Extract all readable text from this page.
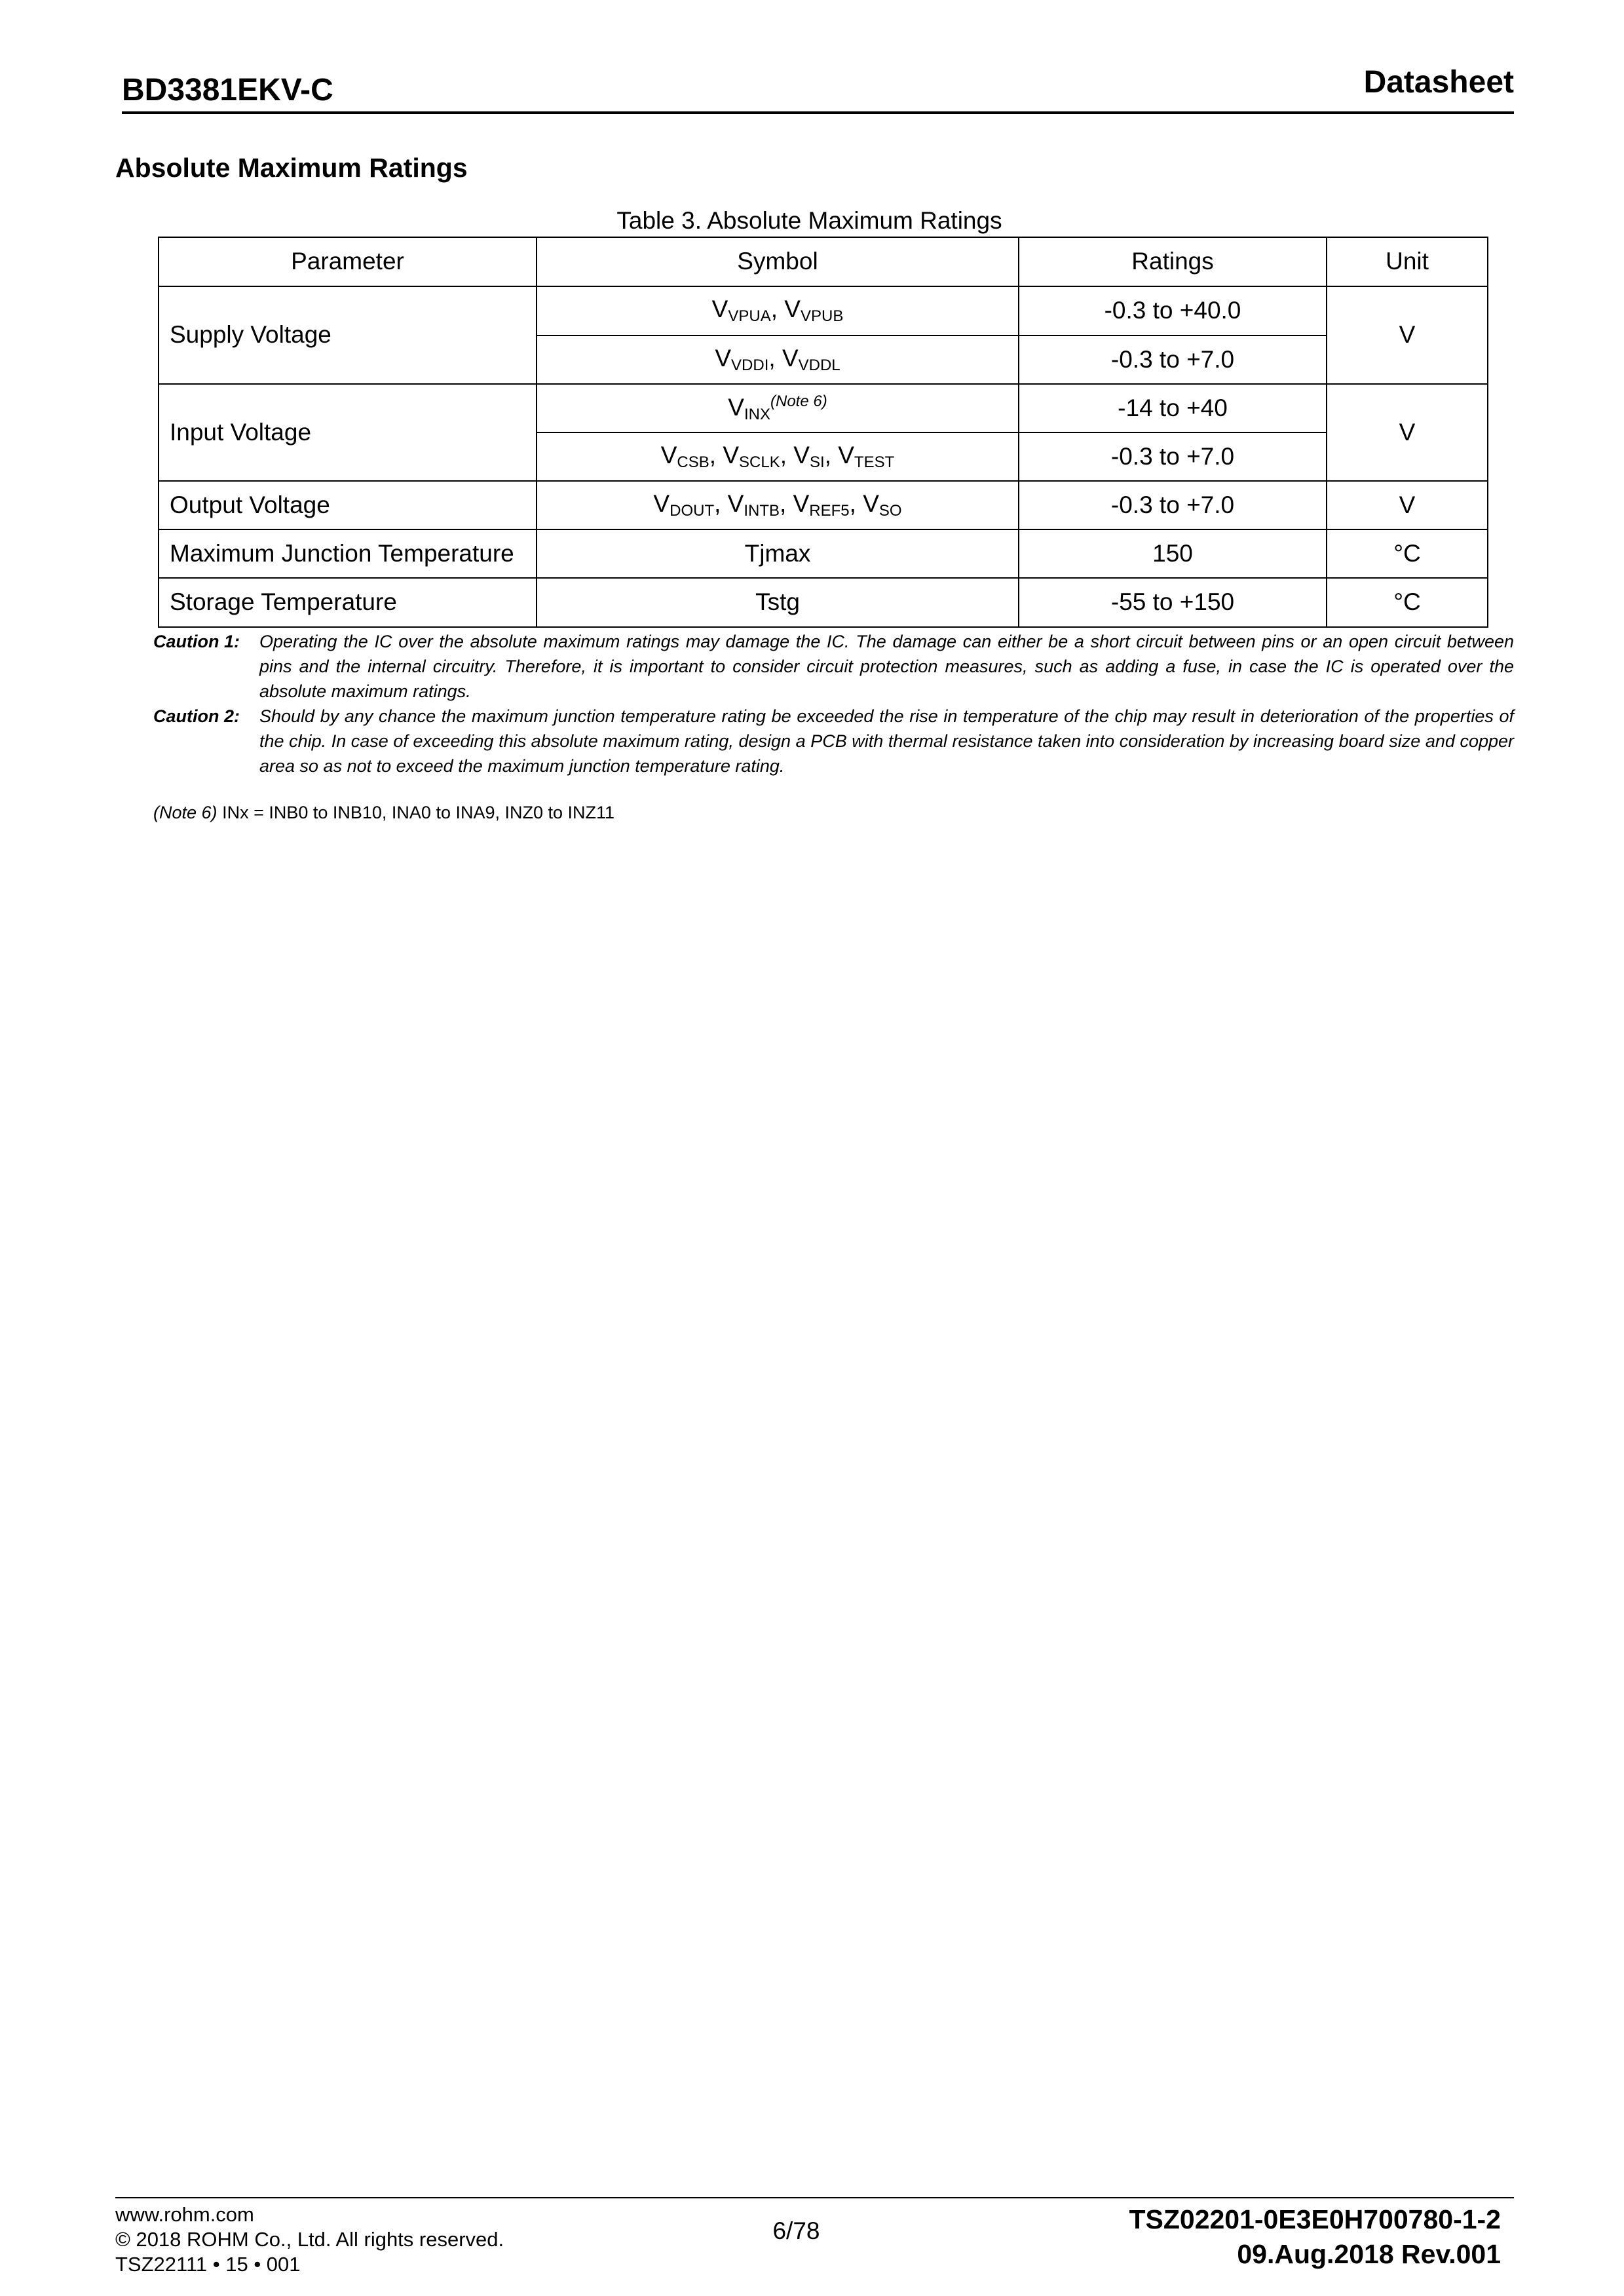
BD3381EKV-C	Datasheet
Absolute Maximum Ratings
Table 3. Absolute Maximum Ratings
Parameter	Symbol	Ratings	Unit
Supply Voltage	$V_{VPUA}$, $V_{VPUB}$	-0.3 to +40.0	V
	$V_{VDDI}$, $V_{VDDL}$	-0.3 to +7.0	
Input Voltage	$V_{INX}^{(Note 6)}$	-14 to +40	V
	$V_{CSB}$, $V_{SCLK}$, $V_{SI}$, $V_{TEST}$	-0.3 to +7.0	
Output Voltage	$V_{DOUT}$, $V_{INTB}$, $V_{REF5}$, $V_{SO}$	-0.3 to +7.0	V
Maximum Junction Temperature	Tjmax	150	°C
Storage Temperature	Tstg	-55 to +150	°C
Caution 1:	Operating the IC over the absolute maximum ratings may damage the IC. The damage can either be a short circuit between pins or an open circuit between pins and the internal circuitry. Therefore, it is important to consider circuit protection measures, such as adding a fuse, in case the IC is operated over the absolute maximum ratings.
Caution 2:	Should by any chance the maximum junction temperature rating be exceeded the rise in temperature of the chip may result in deterioration of the properties of the chip. In case of exceeding this absolute maximum rating, design a PCB with thermal resistance taken into consideration by increasing board size and copper area so as not to exceed the maximum junction temperature rating.
(Note 6) INx = INB0 to INB10, INA0 to INA9, INZ0 to INZ11
www.rohm.com
© 2018 ROHM Co., Ltd. All rights reserved.
TSZ22111 • 15 • 001
6/78	TSZ02201-0E3E0H700780-1-2
09.Aug.2018 Rev.001
